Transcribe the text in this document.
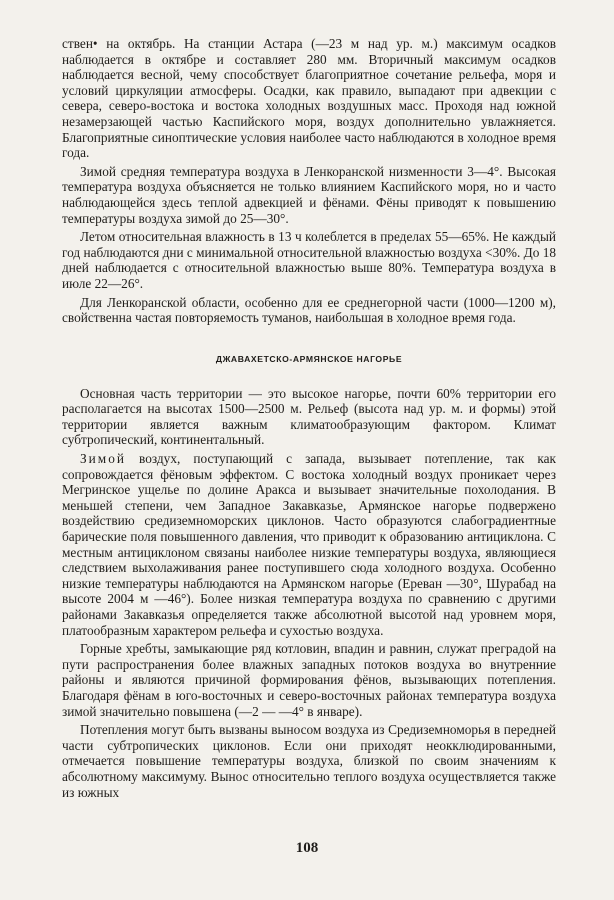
ствен• на октябрь. На станции Астара (—23 м над ур. м.) максимум осадков наблюдается в октябре и составляет 280 мм. Вторичный максимум осадков наблюдается весной, чему способствует благоприятное сочетание рельефа, моря и условий циркуляции атмосферы. Осадки, как правило, выпадают при адвекции с севера, северо-востока и востока холодных воздушных масс. Проходя над южной незамерзающей частью Каспийского моря, воздух дополнительно увлажняется. Благоприятные синоптические условия наиболее часто наблюдаются в холодное время года.

Зимой средняя температура воздуха в Ленкоранской низменности 3—4°. Высокая температура воздуха объясняется не только влиянием Каспийского моря, но и часто наблюдающейся здесь теплой адвекцией и фёнами. Фёны приводят к повышению температуры воздуха зимой до 25—30°.

Летом относительная влажность в 13 ч колеблется в пределах 55—65%. Не каждый год наблюдаются дни с минимальной относительной влажностью воздуха <30%. До 18 дней наблюдается с относительной влажностью выше 80%. Температура воздуха в июле 22—26°.

Для Ленкоранской области, особенно для ее среднегорной части (1000—1200 м), свойственна частая повторяемость туманов, наибольшая в холодное время года.

ДЖАВАХЕТСКО-АРМЯНСКОЕ НАГОРЬЕ

Основная часть территории — это высокое нагорье, почти 60% территории его располагается на высотах 1500—2500 м. Рельеф (высота над ур. м. и формы) этой территории является важным климатообразующим фактором. Климат субтропический, континентальный.

Зимой воздух, поступающий с запада, вызывает потепление, так как сопровождается фёновым эффектом. С востока холодный воздух проникает через Мегринское ущелье по долине Аракса и вызывает значительные похолодания. В меньшей степени, чем Западное Закавказье, Армянское нагорье подвержено воздействию средиземноморских циклонов. Часто образуются слабоградиентные барические поля повышенного давления, что приводит к образованию антициклона. С местным антициклоном связаны наиболее низкие температуры воздуха, являющиеся следствием выхолаживания ранее поступившего сюда холодного воздуха. Особенно низкие температуры наблюдаются на Армянском нагорье (Ереван —30°, Шурабад на высоте 2004 м —46°). Более низкая температура воздуха по сравнению с другими районами Закавказья определяется также абсолютной высотой над уровнем моря, платообразным характером рельефа и сухостью воздуха.

Горные хребты, замыкающие ряд котловин, впадин и равнин, служат преградой на пути распространения более влажных западных потоков воздуха во внутренние районы и являются причиной формирования фёнов, вызывающих потепления. Благодаря фёнам в юго-восточных и северо-восточных районах температура воздуха зимой значительно повышена (—2 — —4° в январе).

Потепления могут быть вызваны выносом воздуха из Средиземноморья в передней части субтропических циклонов. Если они приходят неокклюдированными, отмечается повышение температуры воздуха, близкой по своим значениям к абсолютному максимуму. Вынос относительно теплого воздуха осуществляется также из южных

108
